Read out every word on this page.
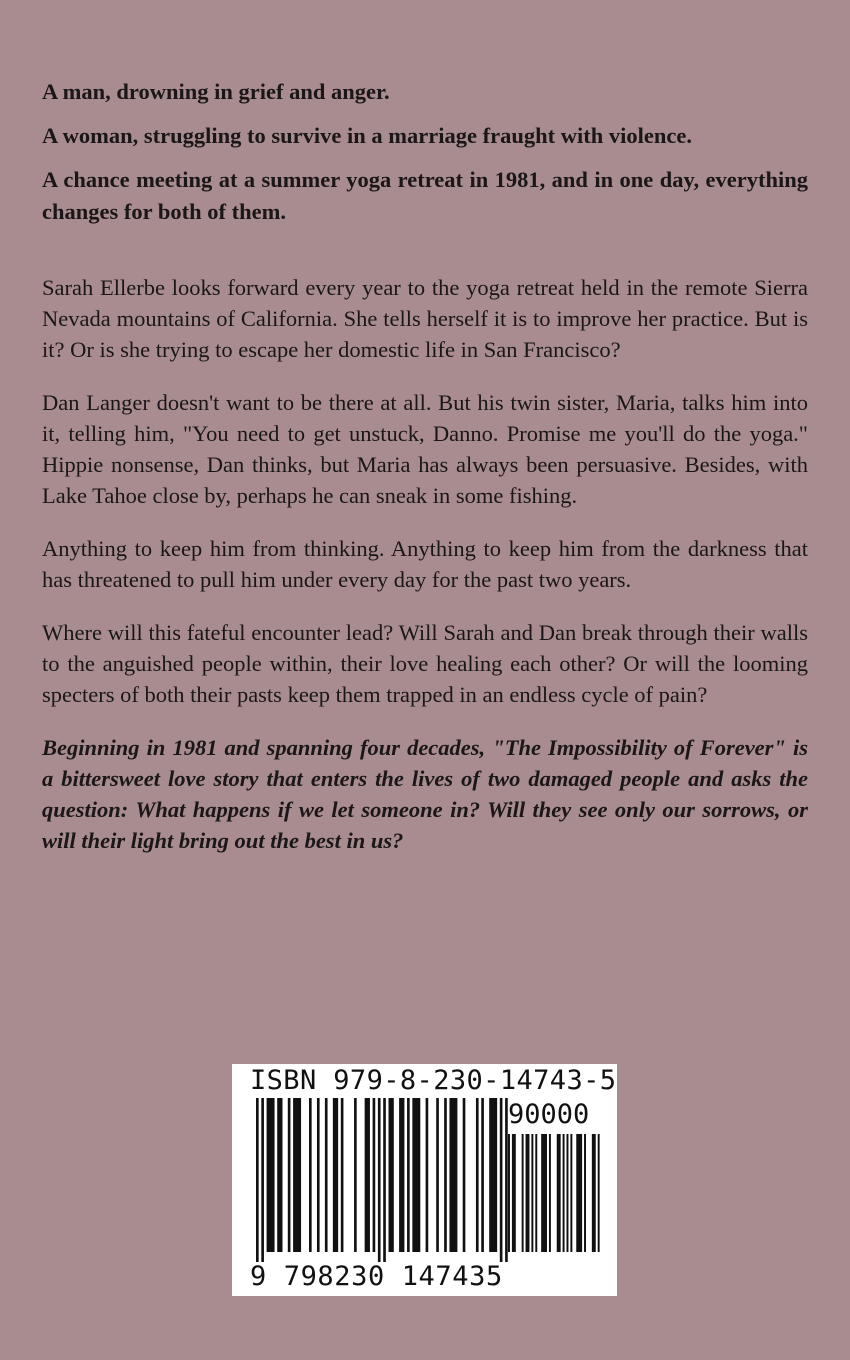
A man, drowning in grief and anger.

A woman, struggling to survive in a marriage fraught with violence.

A chance meeting at a summer yoga retreat in 1981, and in one day, everything changes for both of them.

Sarah Ellerbe looks forward every year to the yoga retreat held in the remote Sierra Nevada mountains of California. She tells herself it is to improve her practice. But is it? Or is she trying to escape her domestic life in San Francisco?

Dan Langer doesn't want to be there at all. But his twin sister, Maria, talks him into it, telling him, "You need to get unstuck, Danno. Promise me you'll do the yoga." Hippie nonsense, Dan thinks, but Maria has always been persuasive. Besides, with Lake Tahoe close by, perhaps he can sneak in some fishing.

Anything to keep him from thinking. Anything to keep him from the darkness that has threatened to pull him under every day for the past two years.

Where will this fateful encounter lead? Will Sarah and Dan break through their walls to the anguished people within, their love healing each other? Or will the looming specters of both their pasts keep them trapped in an endless cycle of pain?

Beginning in 1981 and spanning four decades, "The Impossibility of Forever" is a bittersweet love story that enters the lives of two damaged people and asks the question: What happens if we let someone in? Will they see only our sorrows, or will their light bring out the best in us?

ISBN 979-8-230-14743-5
90000
9 798230 147435
